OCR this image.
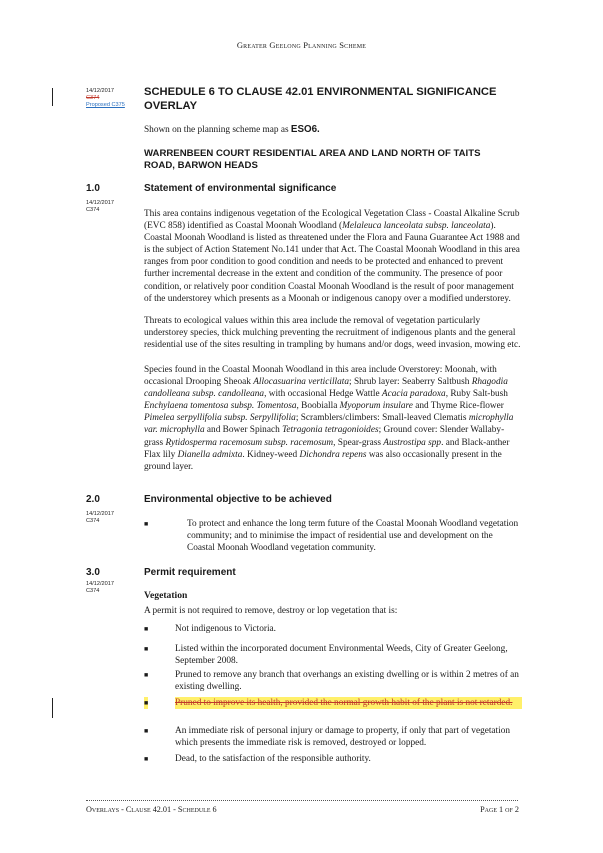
Greater Geelong Planning Scheme
14/12/2017
C374
Proposed C375
SCHEDULE 6 TO CLAUSE 42.01 ENVIRONMENTAL SIGNIFICANCE
OVERLAY

Shown on the planning scheme map as ESO6.

WARRENBEEN COURT RESIDENTIAL AREA AND LAND NORTH OF TAITS
ROAD, BARWON HEADS
1.0	Statement of environmental significance
14/12/2017
C374	This area contains indigenous vegetation of the Ecological Vegetation Class - Coastal Alkaline Scrub (EVC 858) identified as Coastal Moonah Woodland (Melaleuca lanceolata subsp. lanceolata). Coastal Moonah Woodland is listed as threatened under the Flora and Fauna Guarantee Act 1988 and is the subject of Action Statement No.141 under that Act. The Coastal Moonah Woodland in this area ranges from poor condition to good condition and needs to be protected and enhanced to prevent further incremental decrease in the extent and condition of the community. The presence of poor condition, or relatively poor condition Coastal Moonah Woodland is the result of poor management of the understorey which presents as a Moonah or indigenous canopy over a modified understorey.

Threats to ecological values within this area include the removal of vegetation particularly understorey species, thick mulching preventing the recruitment of indigenous plants and the general residential use of the sites resulting in trampling by humans and/or dogs, weed invasion, mowing etc.

Species found in the Coastal Moonah Woodland in this area include Overstorey: Moonah, with occasional Drooping Sheoak Allocasuarina verticillata; Shrub layer: Seaberry Saltbush Rhagodia candolleana subsp. candolleana, with occasional Hedge Wattle Acacia paradoxa, Ruby Salt-bush Enchylaena tomentosa subsp. Tomentosa, Boobialla Myoporum insulare and Thyme Rice-flower Pimelea serpyllifolia subsp. Serpyllifolia; Scramblers/climbers: Small-leaved Clematis microphylla var. microphylla and Bower Spinach Tetragonia tetragonioides; Ground cover: Slender Wallaby-grass Rytidosperma racemosum subsp. racemosum, Spear-grass Austrostipa spp. and Black-anther Flax lily Dianella admixta. Kidney-weed Dichondra repens was also occasionally present in the ground layer.

2.0	Environmental objective to be achieved
14/12/2017
C374	■	To protect and enhance the long term future of the Coastal Moonah Woodland vegetation community; and to minimise the impact of residential use and development on the Coastal Moonah Woodland vegetation community.
3.0	Permit requirement
14/12/2017
C374	Vegetation

A permit is not required to remove, destroy or lop vegetation that is:

■	Not indigenous to Victoria.
■	Listed within the incorporated document Environmental Weeds, City of Greater Geelong, September 2008.
■	Pruned to remove any branch that overhangs an existing dwelling or is within 2 metres of an existing dwelling.
■	Pruned to improve its health, provided the normal growth habit of the plant is not retarded.
■	An immediate risk of personal injury or damage to property, if only that part of vegetation which presents the immediate risk is removed, destroyed or lopped.
■	Dead, to the satisfaction of the responsible authority.
Overlays - Clause 42.01 - Schedule 6	Page 1 of 2
